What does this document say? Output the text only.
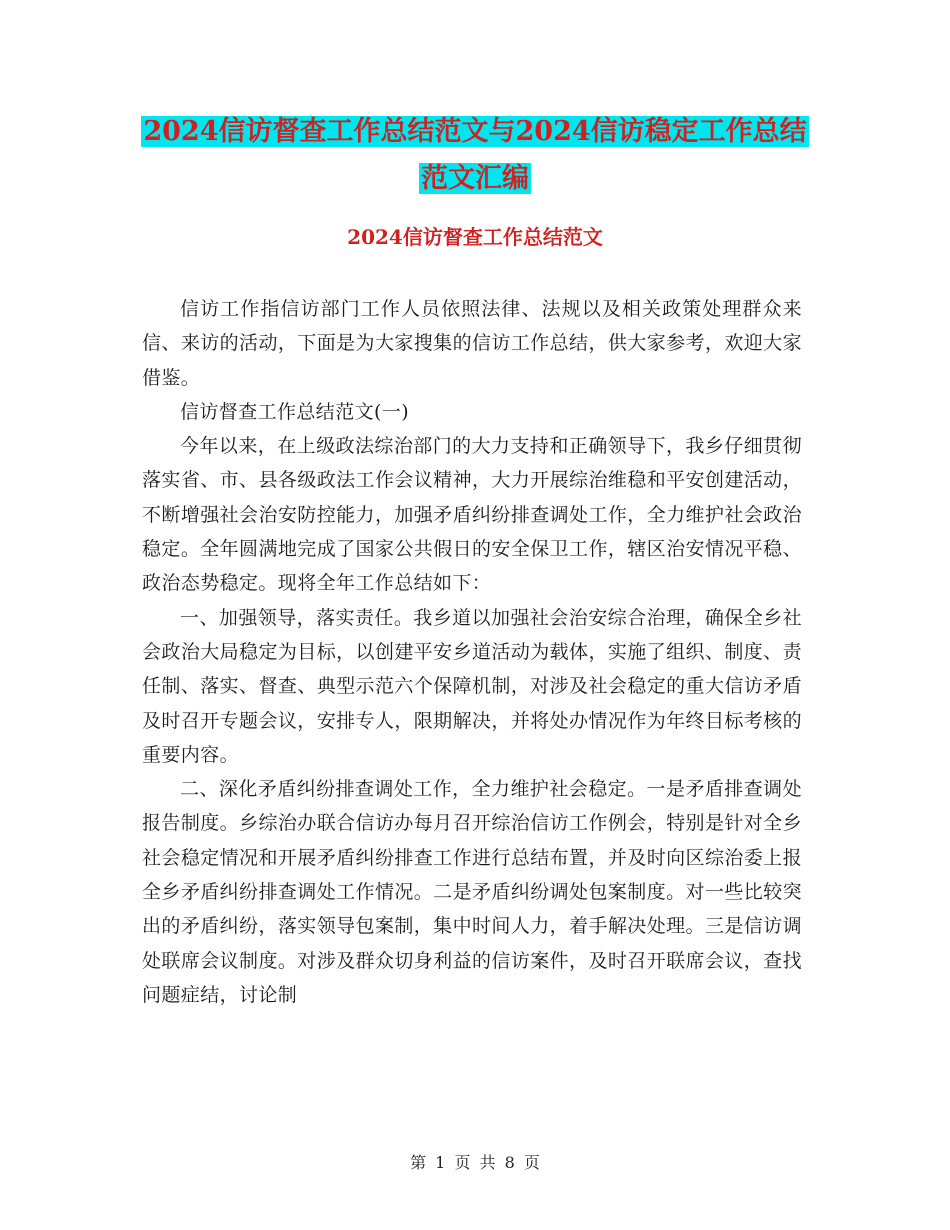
2024信访督查工作总结范文与2024信访稳定工作总结
范文汇编
2024信访督查工作总结范文

信访工作指信访部门工作人员依照法律、法规以及相关政策处理群众来信、来访的活动，下面是为大家搜集的信访工作总结，供大家参考，欢迎大家借鉴。

信访督查工作总结范文(一)

今年以来，在上级政法综治部门的大力支持和正确领导下，我乡仔细贯彻落实省、市、县各级政法工作会议精神，大力开展综治维稳和平安创建活动，不断增强社会治安防控能力，加强矛盾纠纷排查调处工作，全力维护社会政治稳定。全年圆满地完成了国家公共假日的安全保卫工作，辖区治安情况平稳、政治态势稳定。现将全年工作总结如下：

一、加强领导，落实责任。我乡道以加强社会治安综合治理，确保全乡社会政治大局稳定为目标，以创建平安乡道活动为载体，实施了组织、制度、责任制、落实、督查、典型示范六个保障机制，对涉及社会稳定的重大信访矛盾及时召开专题会议，安排专人，限期解决，并将处办情况作为年终目标考核的重要内容。

二、深化矛盾纠纷排查调处工作，全力维护社会稳定。一是矛盾排查调处报告制度。乡综治办联合信访办每月召开综治信访工作例会，特别是针对全乡社会稳定情况和开展矛盾纠纷排查工作进行总结布置，并及时向区综治委上报全乡矛盾纠纷排查调处工作情况。二是矛盾纠纷调处包案制度。对一些比较突出的矛盾纠纷，落实领导包案制，集中时间人力，着手解决处理。三是信访调处联席会议制度。对涉及群众切身利益的信访案件，及时召开联席会议，查找问题症结，讨论制

第 1 页 共 8 页
